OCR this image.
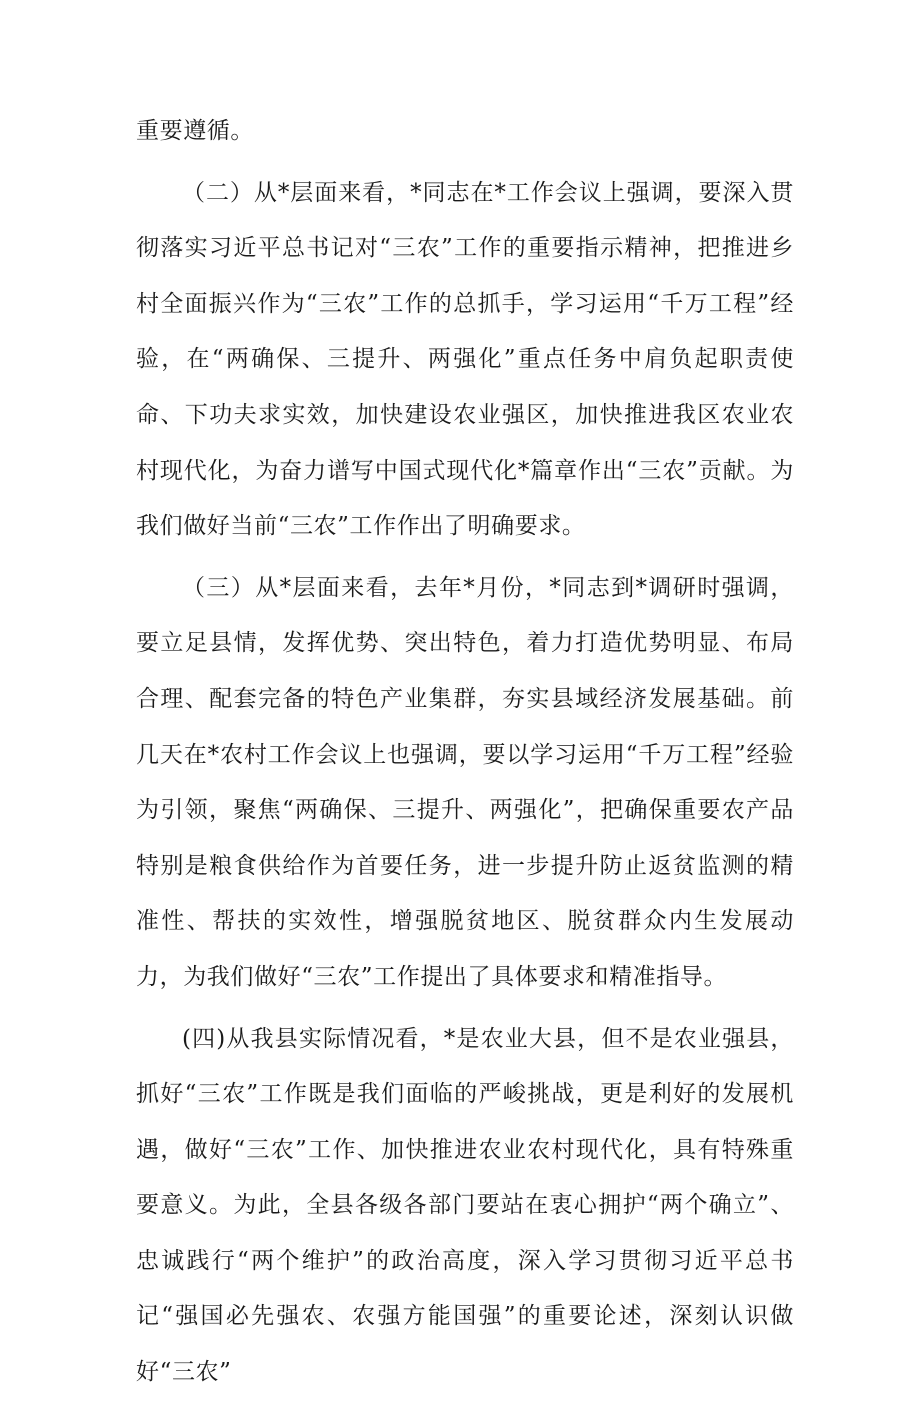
重要遵循。

（二）从*层面来看，*同志在*工作会议上强调，要深入贯彻落实习近平总书记对“三农”工作的重要指示精神，把推进乡村全面振兴作为“三农”工作的总抓手，学习运用“千万工程”经验，在“两确保、三提升、两强化”重点任务中肩负起职责使命、下功夫求实效，加快建设农业强区，加快推进我区农业农村现代化，为奋力谱写中国式现代化*篇章作出“三农”贡献。为我们做好当前“三农”工作作出了明确要求。

（三）从*层面来看，去年*月份，*同志到*调研时强调，要立足县情，发挥优势、突出特色，着力打造优势明显、布局合理、配套完备的特色产业集群，夯实县域经济发展基础。前几天在*农村工作会议上也强调，要以学习运用“千万工程”经验为引领，聚焦“两确保、三提升、两强化”，把确保重要农产品特别是粮食供给作为首要任务，进一步提升防止返贫监测的精准性、帮扶的实效性，增强脱贫地区、脱贫群众内生发展动力，为我们做好“三农”工作提出了具体要求和精准指导。

(四)从我县实际情况看，*是农业大县，但不是农业强县，抓好“三农”工作既是我们面临的严峻挑战，更是利好的发展机遇，做好“三农”工作、加快推进农业农村现代化，具有特殊重要意义。为此，全县各级各部门要站在衷心拥护“两个确立”、忠诚践行“两个维护”的政治高度，深入学习贯彻习近平总书记“强国必先强农、农强方能国强”的重要论述，深刻认识做好“三农”
